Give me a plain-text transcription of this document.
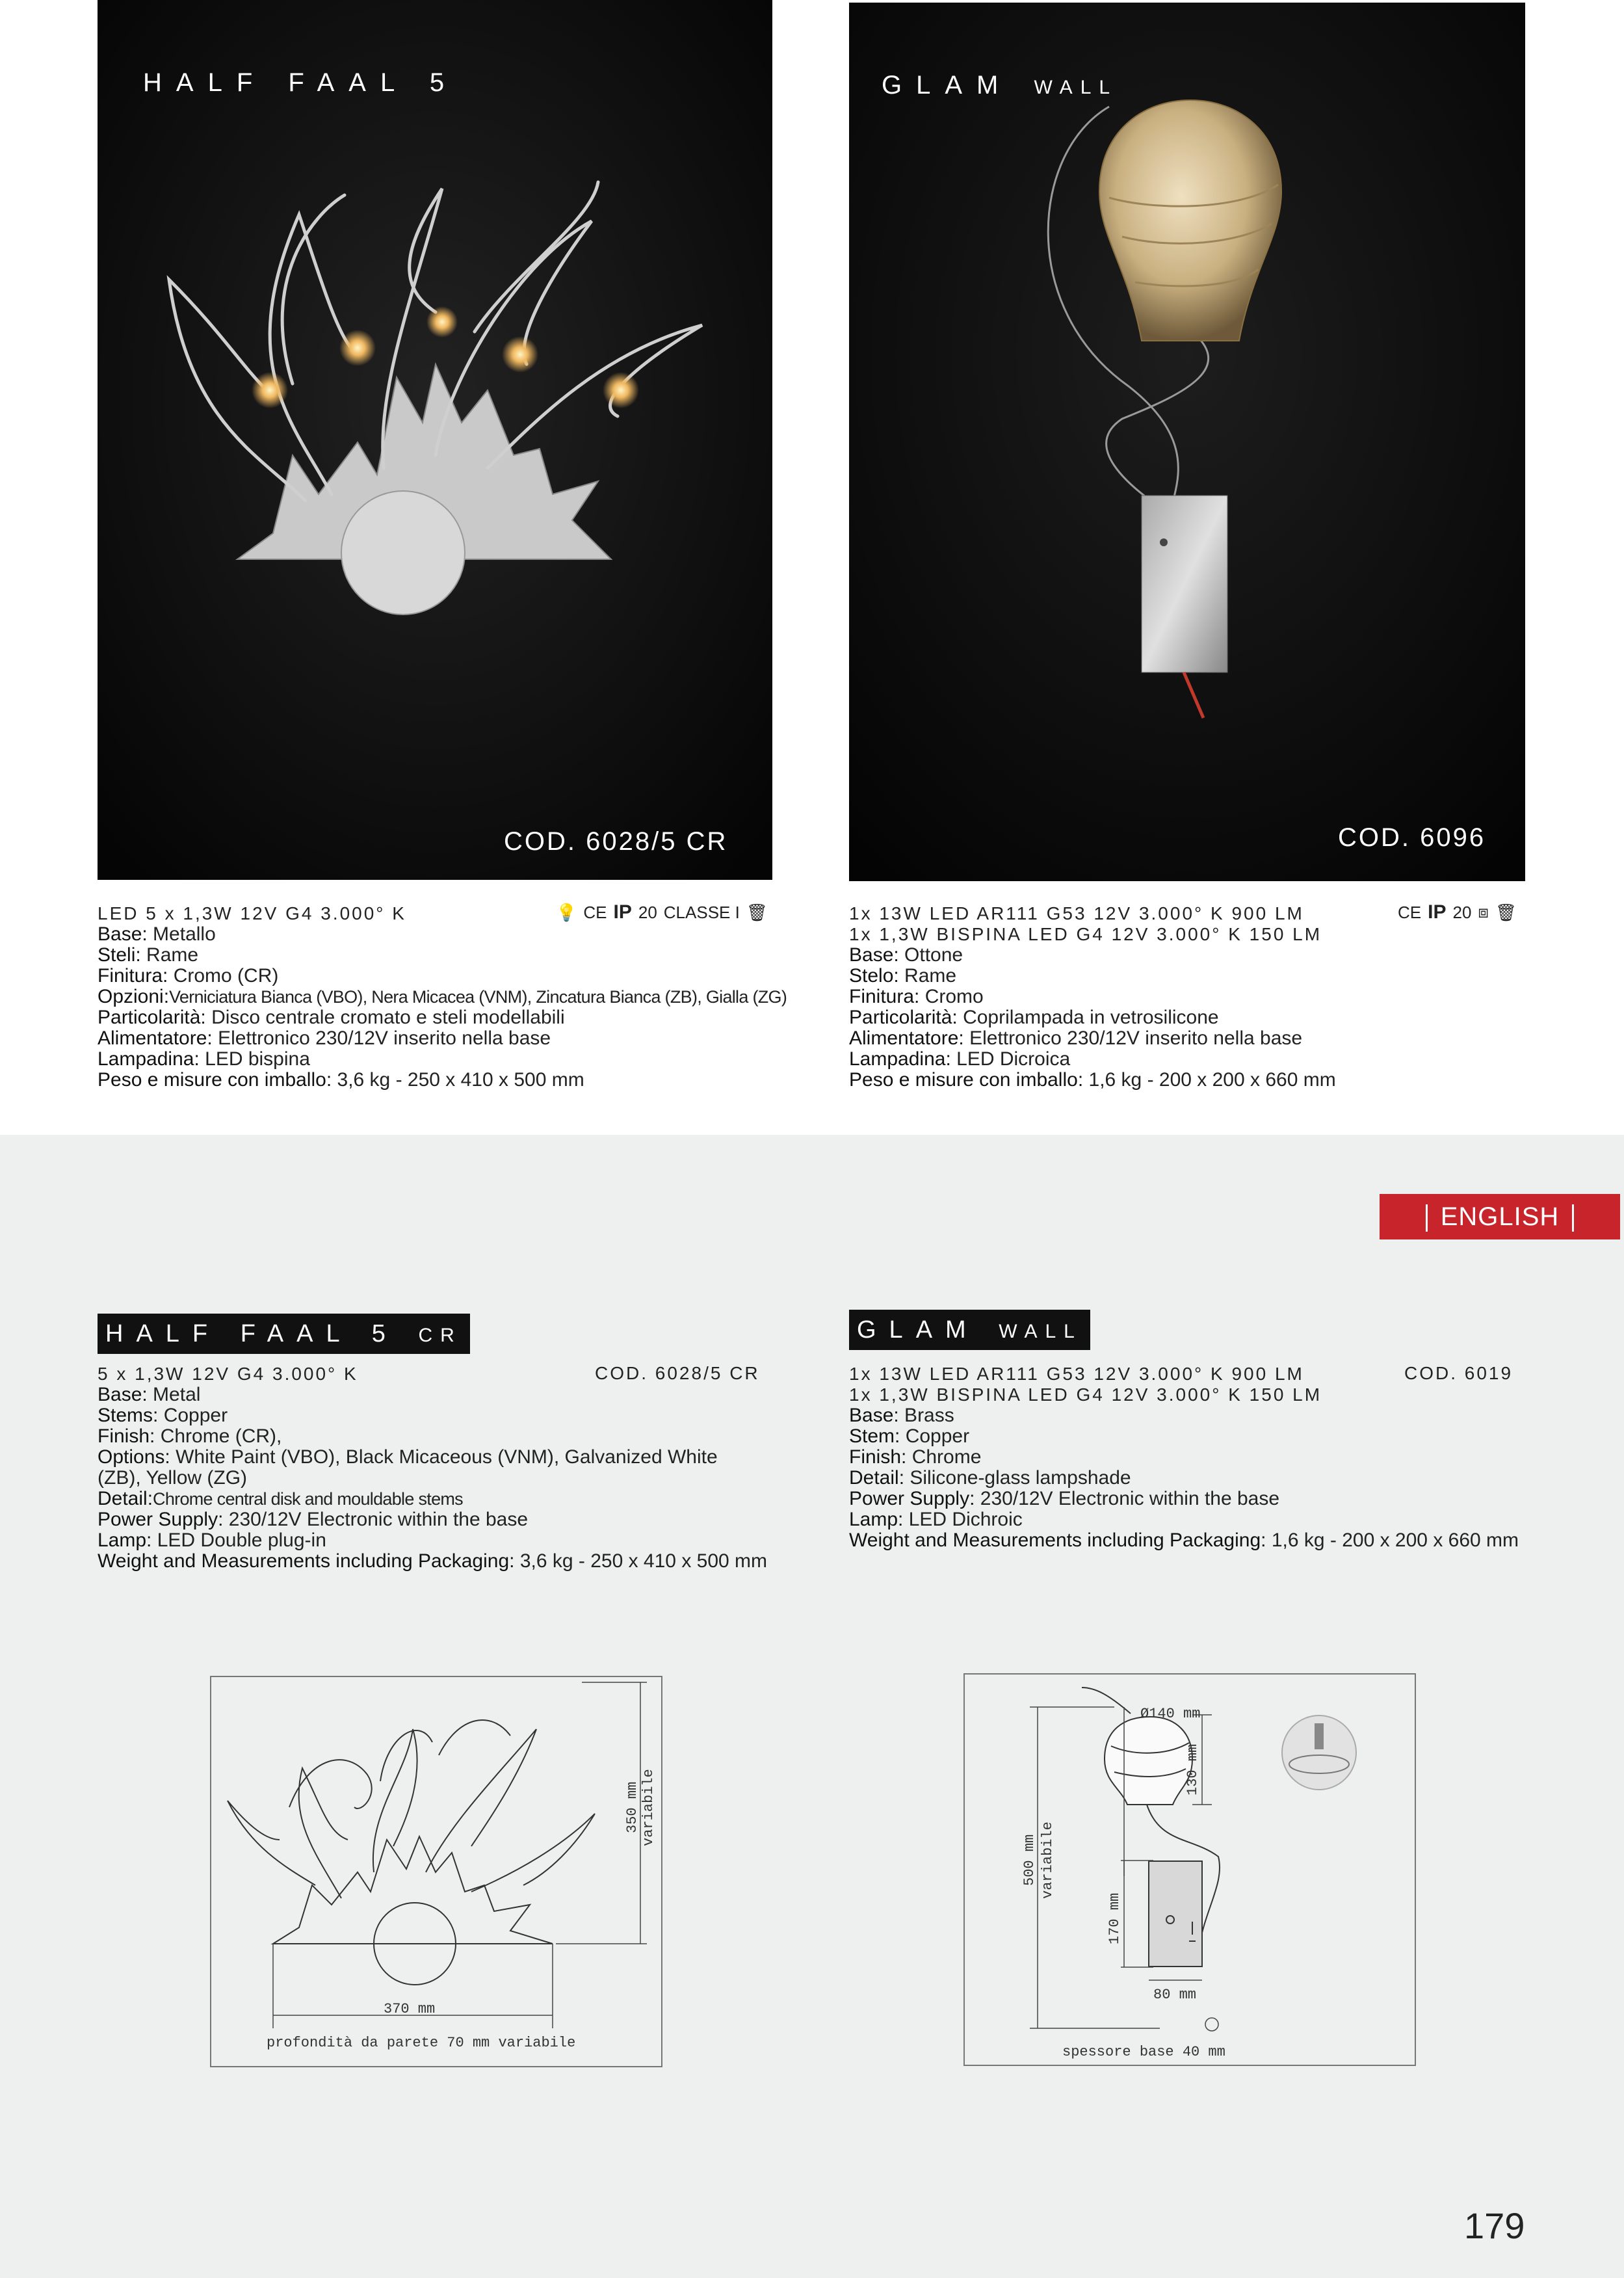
HALF FAAL 5
COD. 6028/5 CR
GLAM WALL
COD. 6096
LED 5 x 1,3W 12V G4 3.000° K
Base: Metallo
Steli: Rame
Finitura: Cromo (CR)
Opzioni:Verniciatura Bianca (VBO), Nera Micacea (VNM), Zincatura Bianca (ZB), Gialla (ZG)
Particolarità: Disco centrale cromato e steli modellabili
Alimentatore: Elettronico 230/12V inserito nella base
Lampadina: LED bispina
Peso e misure con imballo: 3,6 kg - 250 x 410 x 500 mm
💡 CE IP 20 CLASSE I 🗑	1x 13W LED AR111 G53 12V 3.000° K 900 LM
1x 1,3W BISPINA LED G4 12V 3.000° K 150 LM
Base: Ottone
Stelo: Rame
Finitura: Cromo
Particolarità: Coprilampada in vetrosilicone
Alimentatore: Elettronico 230/12V inserito nella base
Lampadina: LED Dicroica
Peso e misure con imballo: 1,6 kg - 200 x 200 x 660 mm
CE IP 20 ⧈ 🗑
ENGLISH
HALF FAAL 5 CR
COD. 6028/5 CR
5 x 1,3W 12V G4 3.000° K
Base: Metal
Stems: Copper
Finish: Chrome (CR),
Options: White Paint (VBO), Black Micaceous (VNM), Galvanized White
(ZB), Yellow (ZG)
Detail:Chrome central disk and mouldable stems
Power Supply: 230/12V Electronic within the base
Lamp: LED Double plug-in
Weight and Measurements including Packaging: 3,6 kg - 250 x 410 x 500 mm
GLAM WALL
COD. 6019
1x 13W LED AR111 G53 12V 3.000° K 900 LM
1x 1,3W BISPINA LED G4 12V 3.000° K 150 LM
Base: Brass
Stem: Copper
Finish: Chrome
Detail: Silicone-glass lampshade
Power Supply: 230/12V Electronic within the base
Lamp: LED Dichroic
Weight and Measurements including Packaging: 1,6 kg - 200 x 200 x 660 mm
350 mm variabile
370 mm
profondità da parete 70 mm variabile
Ø140 mm
130 mm
500 mm variabile
170 mm
80 mm
spessore base 40 mm
179
